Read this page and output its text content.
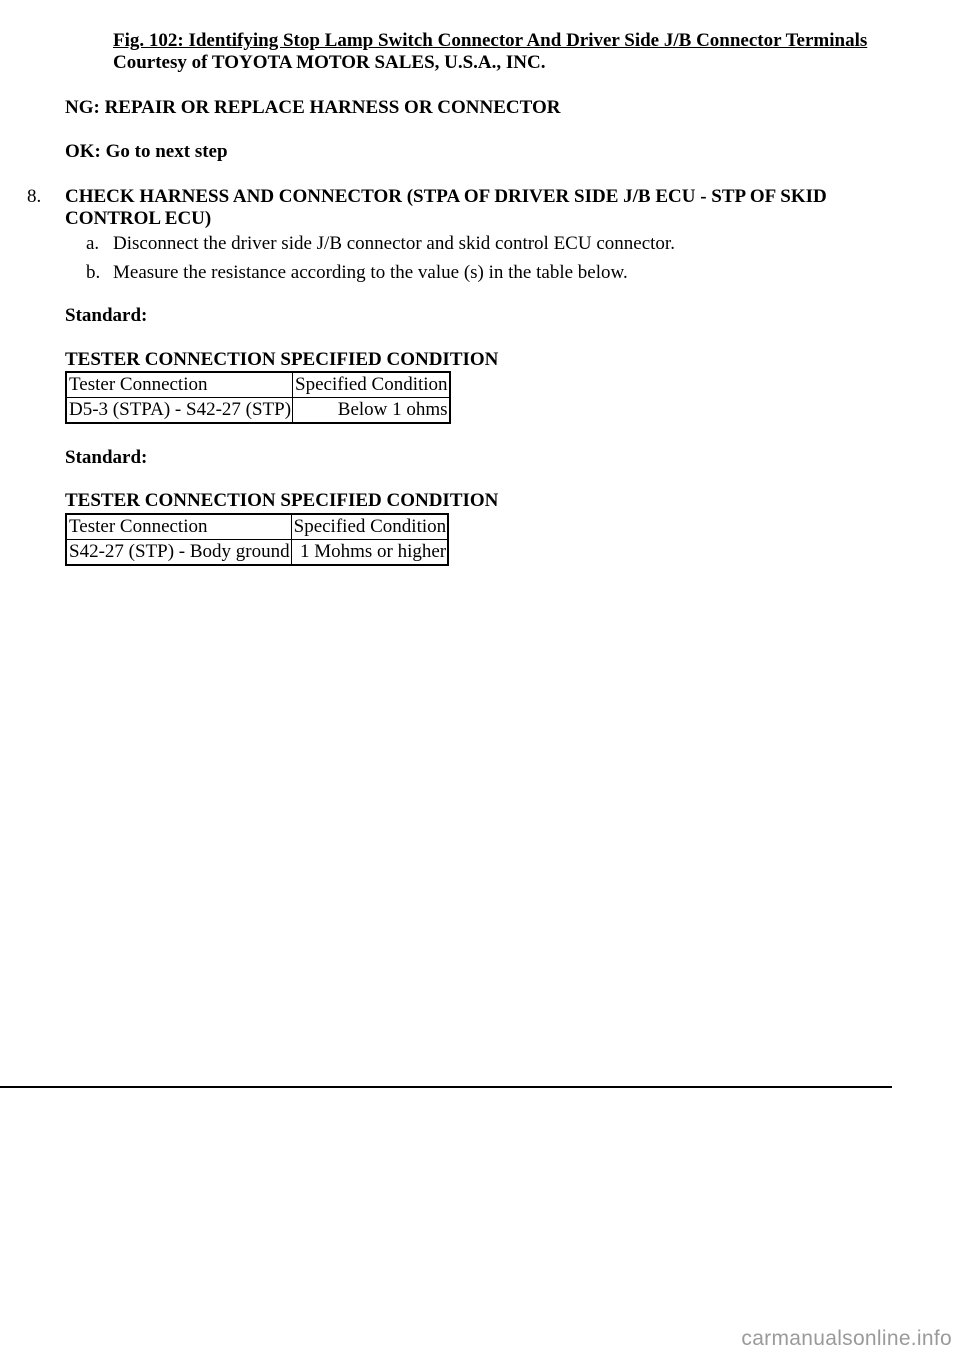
Fig. 102: Identifying Stop Lamp Switch Connector And Driver Side J/B Connector Terminals
Courtesy of TOYOTA MOTOR SALES, U.S.A., INC.
NG: REPAIR OR REPLACE HARNESS OR CONNECTOR
OK: Go to next step
8. CHECK HARNESS AND CONNECTOR (STPA OF DRIVER SIDE J/B ECU - STP OF SKID CONTROL ECU)
a. Disconnect the driver side J/B connector and skid control ECU connector.
b. Measure the resistance according to the value (s) in the table below.
Standard:
TESTER CONNECTION SPECIFIED CONDITION
Tester Connection	Specified Condition
D5-3 (STPA) - S42-27 (STP)	Below 1 ohms
Standard:
TESTER CONNECTION SPECIFIED CONDITION
Tester Connection	Specified Condition
S42-27 (STP) - Body ground	1 Mohms or higher
carmanualsonline.info
